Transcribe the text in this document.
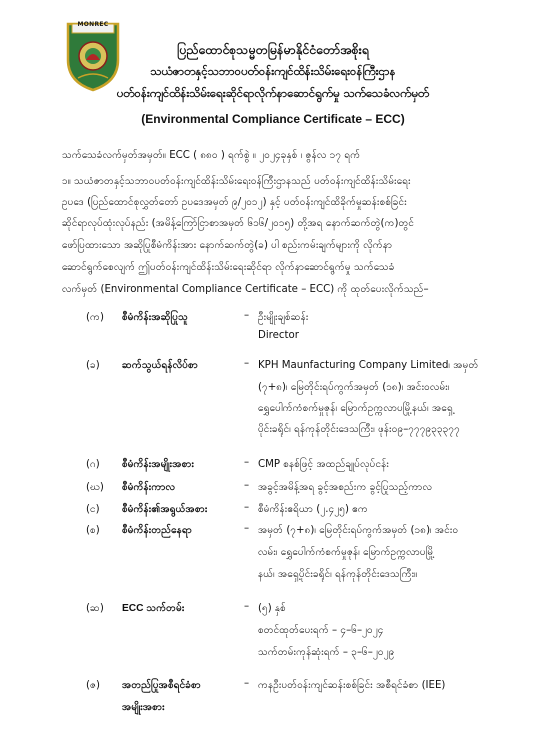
MONREC
ပြည်ထောင်စုသမ္မတမြန်မာနိုင်ငံတော်အစိုးရ
သယံဇာတနှင့်သဘာဝပတ်ဝန်းကျင်ထိန်းသိမ်းရေးဝန်ကြီးဌာန
ပတ်ဝန်းကျင်ထိန်းသိမ်းရေးဆိုင်ရာလိုက်နာဆောင်ရွက်မှု သက်သေခံလက်မှတ်
(Environmental Compliance Certificate – ECC)
သက်သေခံလက်မှတ်အမှတ်။ ECC ( ၈၈၀ ) ရက်စွဲ ။ ၂၀၂၄ခုနှစ် ၊ ဇွန်လ ၁၇ ရက်
၁။ သယံဇာတနှင့်သဘာဝပတ်ဝန်းကျင်ထိန်းသိမ်းရေးဝန်ကြီးဌာနသည် ပတ်ဝန်းကျင်ထိန်းသိမ်းရေး
ဥပဒေ (ပြည်ထောင်စုလွှတ်တော် ဥပဒေအမှတ် ၉/၂၀၁၂) နှင့် ပတ်ဝန်းကျင်ထိခိုက်မှုဆန်းစစ်ခြင်း
ဆိုင်ရာလုပ်ထုံးလုပ်နည်း (အမိန့်ကြော်ငြာစာအမှတ် ၆၁၆/၂၀၁၅) တို့အရ နောက်ဆက်တွဲ(က)တွင်
ဖော်ပြထားသော အဆိုပြုစီမံကိန်းအား နောက်ဆက်တွဲ(ခ) ပါ စည်းကမ်းချက်များကို လိုက်နာ
ဆောင်ရွက်စေလျက် ဤပတ်ဝန်းကျင်ထိန်းသိမ်းရေးဆိုင်ရာ လိုက်နာဆောင်ရွက်မှု သက်သေခံ
လက်မှတ် (Environmental Compliance Certificate – ECC) ကို ထုတ်ပေးလိုက်သည်–
(က) စီမံကိန်းအဆိုပြုသူ	– ဦးမျိုးချစ်ဆန်း
Director
(ခ) ဆက်သွယ်ရန်လိပ်စာ	– KPH Maunfacturing Company Limited၊ အမှတ်
(၇+၈)၊ မြေတိုင်းရပ်ကွက်အမှတ် (၁၈)၊ အင်း၀လမ်း၊
ရွှေပေါက်ကံစက်မှုဇုန်၊ မြောက်ဥက္ကလာပမြို့နယ်၊ အရှေ့
ပိုင်းခရိုင်၊ ရန်ကုန်တိုင်းဒေသကြီး၊ ဖုန်း၀၉–၇၇၇၉၃၃၃၇၇
(ဂ) စီမံကိန်းအမျိုးအစား	– CMP စနစ်ဖြင့် အထည်ချုပ်လုပ်ငန်း
(ဃ) စီမံကိန်းကာလ	– အခွင့်အမိန့်အရ ခွင့်အစည်းက ခွင့်ပြုသည့်ကာလ
(င) စီမံကိန်း၏အရွယ်အစား	– စီမံကိန်းဧရိယာ (၂.၄၂၅) ဧက
(စ) စီမံကိန်းတည်နေရာ	– အမှတ် (၇+၈)၊ မြေတိုင်းရပ်ကွက်အမှတ် (၁၈)၊ အင်း၀
လမ်း၊ ရွှေပေါက်ကံစက်မှုဇုန်၊ မြောက်ဥက္ကလာပမြို့
နယ်၊ အရှေ့ပိုင်းခရိုင်၊ ရန်ကုန်တိုင်းဒေသကြီး။
(ဆ) ECC သက်တမ်း	– (၅) နှစ်
စတင်ထုတ်ပေးရက် – ၄–၆–၂၀၂၄
သက်တမ်းကုန်ဆုံးရက် – ၃–၆–၂၀၂၉
(ဇ) အတည်ပြုအစီရင်ခံစာ
အမျိုးအစား
– ကနဦးပတ်ဝန်းကျင်ဆန်းစစ်ခြင်း အစီရင်ခံစာ (IEE)
